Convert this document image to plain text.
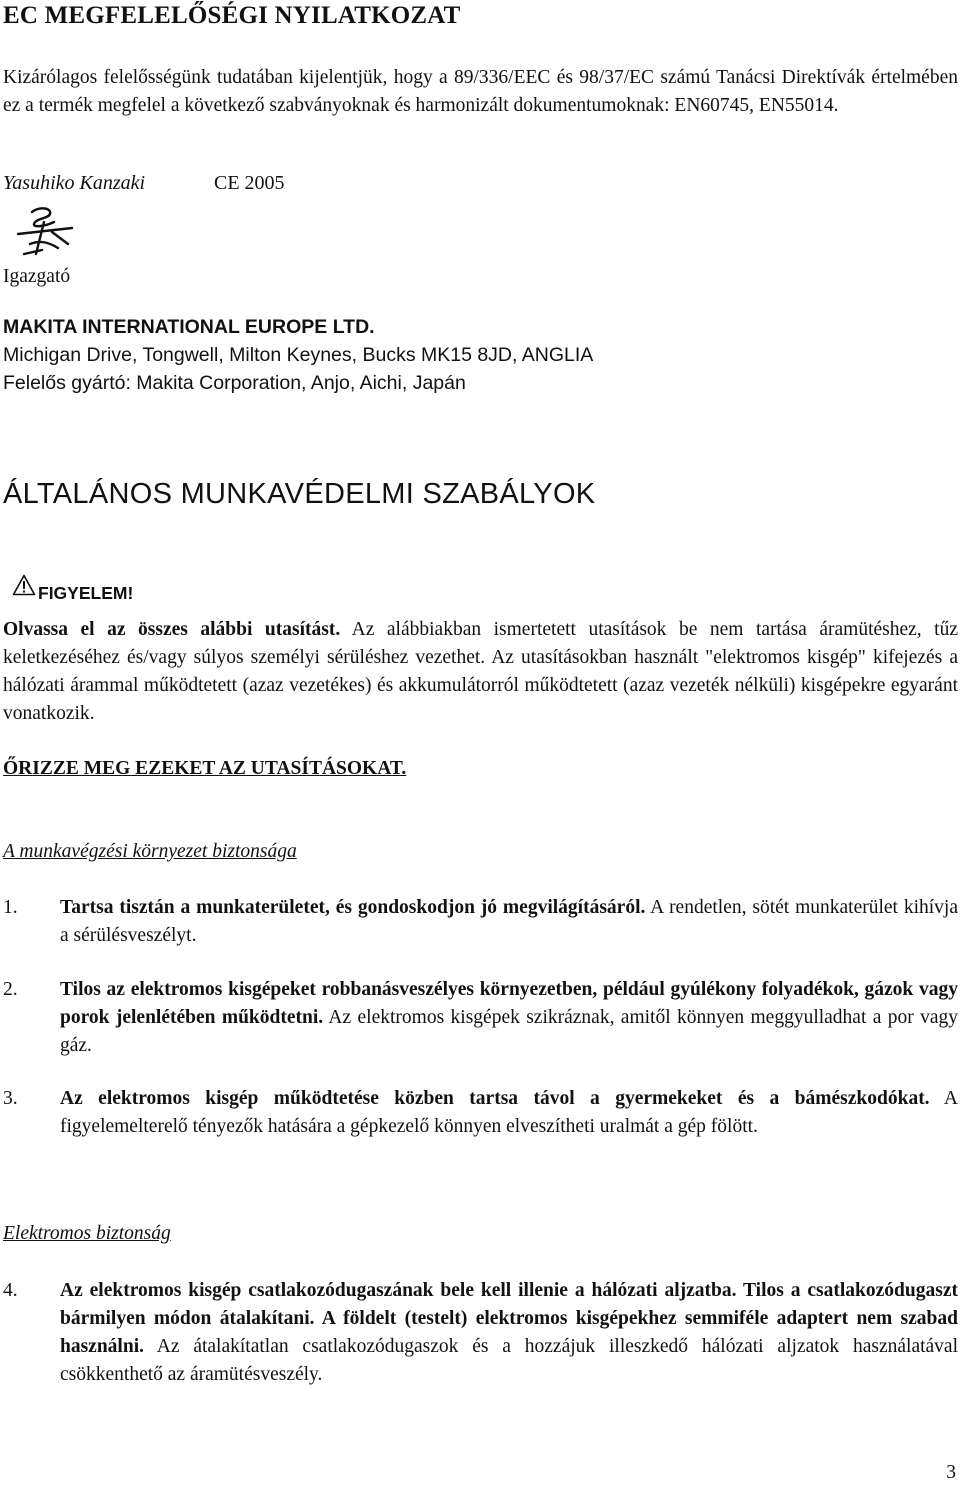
EC MEGFELELŐSÉGI NYILATKOZAT
Kizárólagos felelősségünk tudatában kijelentjük, hogy a 89/336/EEC és 98/37/EC számú Tanácsi Direktívák értelmében ez a termék megfelel a következő szabványoknak és harmonizált dokumentumoknak: EN60745, EN55014.
Yasuhiko Kanzaki	CE 2005
Igazgató
MAKITA INTERNATIONAL EUROPE LTD.
Michigan Drive, Tongwell, Milton Keynes, Bucks MK15 8JD, ANGLIA
Felelős gyártó: Makita Corporation, Anjo, Aichi, Japán
ÁLTALÁNOS MUNKAVÉDELMI SZABÁLYOK
FIGYELEM!
Olvassa el az összes alábbi utasítást. Az alábbiakban ismertetett utasítások be nem tartása áramütéshez, tűz keletkezéséhez és/vagy súlyos személyi sérüléshez vezethet. Az utasításokban használt "elektromos kisgép" kifejezés a hálózati árammal működtetett (azaz vezetékes) és akkumulátorról működtetett (azaz vezeték nélküli) kisgépekre egyaránt vonatkozik.
ŐRIZZE MEG EZEKET AZ UTASÍTÁSOKAT.
A munkavégzési környezet biztonsága
1. Tartsa tisztán a munkaterületet, és gondoskodjon jó megvilágításáról. A rendetlen, sötét munkaterület kihívja a sérülésveszélyt.
2. Tilos az elektromos kisgépeket robbanásveszélyes környezetben, például gyúlékony folyadékok, gázok vagy porok jelenlétében működtetni. Az elektromos kisgépek szikráznak, amitől könnyen meggyulladhat a por vagy gáz.
3. Az elektromos kisgép működtetése közben tartsa távol a gyermekeket és a bámészkodókat. A figyelemelterelő tényezők hatására a gépkezelő könnyen elveszítheti uralmát a gép fölött.
Elektromos biztonság
4. Az elektromos kisgép csatlakozódugaszának bele kell illenie a hálózati aljzatba. Tilos a csatlakozódugaszt bármilyen módon átalakítani. A földelt (testelt) elektromos kisgépekhez semmiféle adaptert nem szabad használni. Az átalakítatlan csatlakozódugaszok és a hozzájuk illeszkedő hálózati aljzatok használatával csökkenthető az áramütésveszély.
3
